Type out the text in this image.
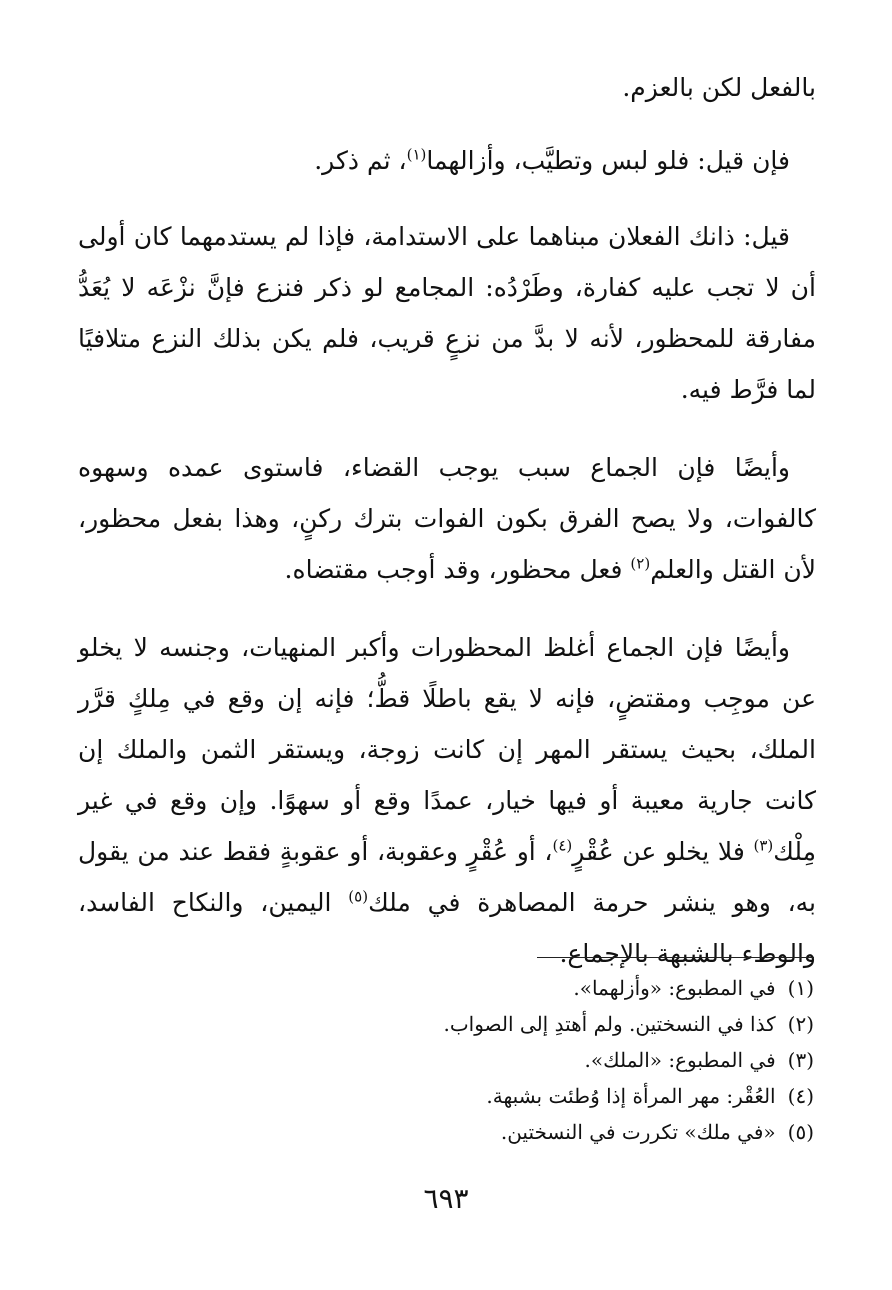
بالفعل لكن بالعزم.

فإن قيل: فلو لبس وتطيَّب، وأزالهما$^{(١)}$، ثم ذكر.

قيل: ذانك الفعلان مبناهما على الاستدامة، فإذا لم يستدمهما كان أولى أن لا تجب عليه كفارة، وطَرْدُه: المجامع لو ذكر فنزع فإنَّ نزْعَه لا يُعَدُّ مفارقة للمحظور، لأنه لا بدَّ من نزعٍ قريب، فلم يكن بذلك النزع متلافيًا لما فرَّط فيه.

وأيضًا فإن الجماع سبب يوجب القضاء، فاستوى عمده وسهوه كالفوات، ولا يصح الفرق بكون الفوات بترك ركنٍ، وهذا بفعل محظور، لأن القتل والعلم$^{(٢)}$ فعل محظور، وقد أوجب مقتضاه.

وأيضًا فإن الجماع أغلظ المحظورات وأكبر المنهيات، وجنسه لا يخلو عن موجِب ومقتضٍ، فإنه لا يقع باطلًا قطُّ؛ فإنه إن وقع في مِلكٍ قرَّر الملك، بحيث يستقر المهر إن كانت زوجة، ويستقر الثمن والملك إن كانت جارية معيبة أو فيها خيار، عمدًا وقع أو سهوًا. وإن وقع في غير مِلْك$^{(٣)}$ فلا يخلو عن عُقْرٍ$^{(٤)}$، أو عُقْرٍ وعقوبة، أو عقوبةٍ فقط عند من يقول به، وهو ينشر حرمة المصاهرة في ملك$^{(٥)}$ اليمين، والنكاح الفاسد، والوطء بالشبهة بالإجماع.

(١)في المطبوع: «وأزلهما».
(٢)كذا في النسختين. ولم أهتدِ إلى الصواب.
(٣)في المطبوع: «الملك».
(٤)العُقْر: مهر المرأة إذا وُطئت بشبهة.
(٥)«في ملك» تكررت في النسختين.
٦٩٣
